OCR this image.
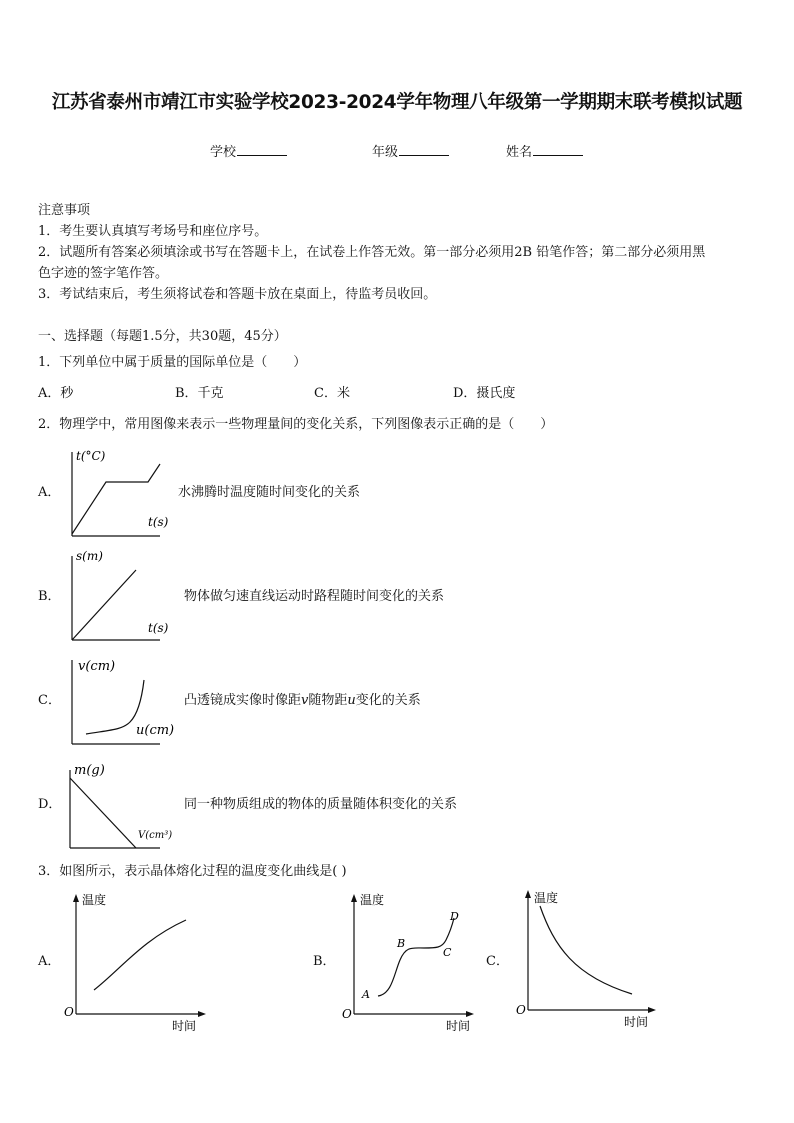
江苏省泰州市靖江市实验学校2023-2024学年物理八年级第一学期期末联考模拟试题
学校	年级	姓名
注意事项
1．考生要认真填写考场号和座位序号。
2．试题所有答案必须填涂或书写在答题卡上，在试卷上作答无效。第一部分必须用2B 铅笔作答；第二部分必须用黑
色字迹的签字笔作答。
3．考试结束后，考生须将试卷和答题卡放在桌面上，待监考员收回。
一、选择题（每题1.5分，共30题，45分）
1．下列单位中属于质量的国际单位是（　　）
A．秒	B．千克	C．米	D．摄氏度
2．物理学中，常用图像来表示一些物理量间的变化关系，下列图像表示正确的是（　　）
A．
t(°C)
t(s)
水沸腾时温度随时间变化的关系
B．
s(m)
t(s)
物体做匀速直线运动时路程随时间变化的关系
C．
v(cm)
u(cm)
凸透镜成实像时像距v随物距u变化的关系
D．
m(g)
V(cm³)
同一种物质组成的物体的质量随体积变化的关系
3．如图所示，表示晶体熔化过程的温度变化曲线是( )
A．
温度
时间
O
B．
温度
时间
O
A
B
C
D
C．
温度
时间
O
